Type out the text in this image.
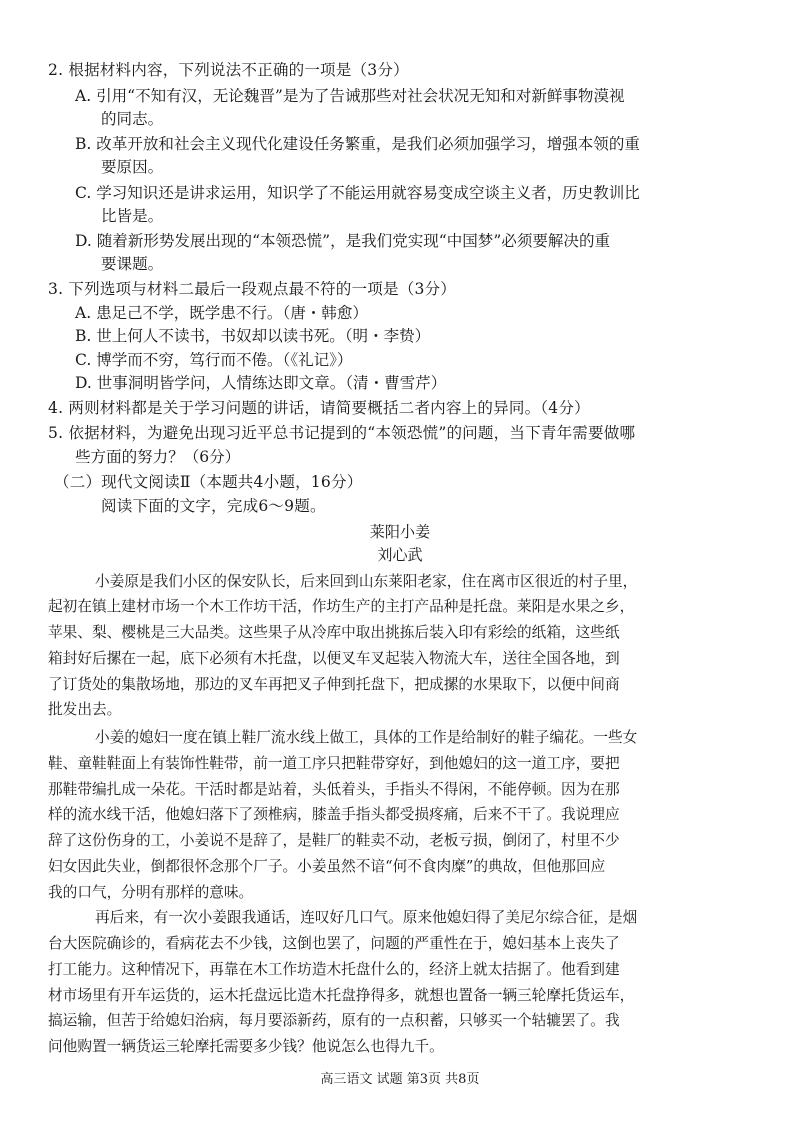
2. 根据材料内容，下列说法不正确的一项是（3分）
A. 引用“不知有汉，无论魏晋”是为了告诫那些对社会状况无知和对新鲜事物漠视
的同志。
B. 改革开放和社会主义现代化建设任务繁重，是我们必须加强学习，增强本领的重
要原因。
C. 学习知识还是讲求运用，知识学了不能运用就容易变成空谈主义者，历史教训比
比皆是。
D. 随着新形势发展出现的“本领恐慌”，是我们党实现“中国梦”必须要解决的重
要课题。
3. 下列选项与材料二最后一段观点最不符的一项是（3分）
A. 患足己不学，既学患不行。（唐・韩愈）
B. 世上何人不读书，书奴却以读书死。（明・李贽）
C. 博学而不穷，笃行而不倦。（《礼记》）
D. 世事洞明皆学问，人情练达即文章。（清・曹雪芹）
4. 两则材料都是关于学习问题的讲话，请简要概括二者内容上的异同。（4分）
5. 依据材料，为避免出现习近平总书记提到的“本领恐慌”的问题，当下青年需要做哪
些方面的努力？（6分）
（二）现代文阅读Ⅱ（本题共4小题，16分）
阅读下面的文字，完成6～9题。
莱阳小姜
刘心武
小姜原是我们小区的保安队长，后来回到山东莱阳老家，住在离市区很近的村子里，
起初在镇上建材市场一个木工作坊干活，作坊生产的主打产品种是托盘。莱阳是水果之乡，
苹果、梨、樱桃是三大品类。这些果子从冷库中取出挑拣后装入印有彩绘的纸箱，这些纸
箱封好后摞在一起，底下必须有木托盘，以便叉车叉起装入物流大车，送往全国各地，到
了订货处的集散场地，那边的叉车再把叉子伸到托盘下，把成摞的水果取下，以便中间商
批发出去。
小姜的媳妇一度在镇上鞋厂流水线上做工，具体的工作是给制好的鞋子编花。一些女
鞋、童鞋鞋面上有装饰性鞋带，前一道工序只把鞋带穿好，到他媳妇的这一道工序，要把
那鞋带编扎成一朵花。干活时都是站着，头低着头，手指头不得闲，不能停顿。因为在那
样的流水线干活，他媳妇落下了颈椎病，膝盖手指头都受损疼痛，后来不干了。我说理应
辞了这份伤身的工，小姜说不是辞了，是鞋厂的鞋卖不动，老板亏损，倒闭了，村里不少
妇女因此失业，倒都很怀念那个厂子。小姜虽然不谙“何不食肉糜”的典故，但他那回应
我的口气，分明有那样的意味。
再后来，有一次小姜跟我通话，连叹好几口气。原来他媳妇得了美尼尔综合征，是烟
台大医院确诊的，看病花去不少钱，这倒也罢了，问题的严重性在于，媳妇基本上丧失了
打工能力。这种情况下，再靠在木工作坊造木托盘什么的，经济上就太拮据了。他看到建
材市场里有开车运货的，运木托盘远比造木托盘挣得多，就想也置备一辆三轮摩托货运车，
搞运输，但苦于给媳妇治病，每月要添新药，原有的一点积蓄，只够买一个轱辘罢了。我
问他购置一辆货运三轮摩托需要多少钱？他说怎么也得九千。
高三语文 试题 第3页 共8页
